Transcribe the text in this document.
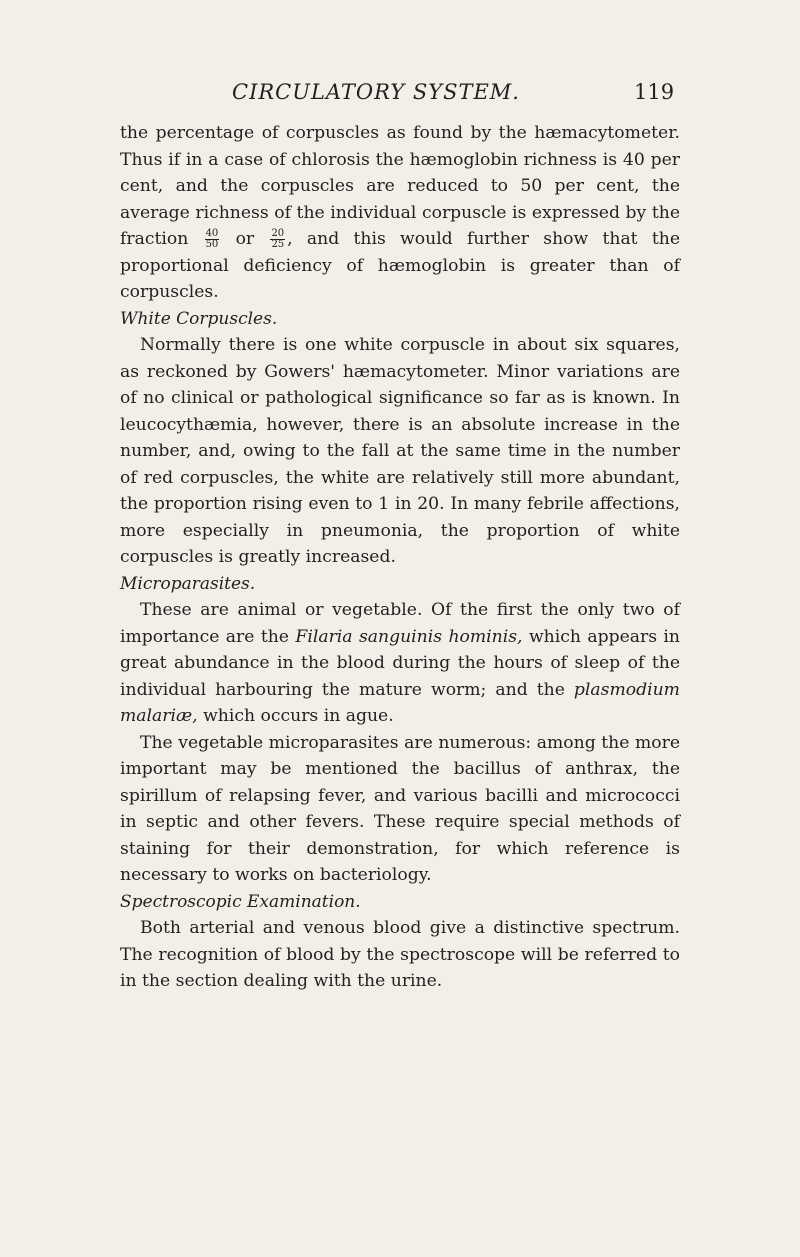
CIRCULATORY SYSTEM.	119

the percentage of corpuscles as found by the hæmacytometer. Thus if in a case of chlorosis the hæmoglobin richness is 40 per cent, and the corpuscles are reduced to 50 per cent, the average richness of the individual corpuscle is expressed by the fraction $\frac{40}{50}$ or $\frac{20}{25}$ , and this would further show that the proportional deficiency of hæmoglobin is greater than of corpuscles.

White Corpuscles.

Normally there is one white corpuscle in about six squares, as reckoned by Gowers' hæmacytometer. Minor variations are of no clinical or pathological significance so far as is known. In leucocythæmia, however, there is an absolute increase in the number, and, owing to the fall at the same time in the number of red corpuscles, the white are relatively still more abundant, the proportion rising even to 1 in 20. In many febrile affections, more especially in pneumonia, the proportion of white corpuscles is greatly increased.

Microparasites.

These are animal or vegetable. Of the first the only two of importance are the Filaria sanguinis hominis, which appears in great abundance in the blood during the hours of sleep of the individual harbouring the mature worm; and the plasmodium malariæ, which occurs in ague.

The vegetable microparasites are numerous: among the more important may be mentioned the bacillus of anthrax, the spirillum of relapsing fever, and various bacilli and micrococci in septic and other fevers. These require special methods of staining for their demonstration, for which reference is necessary to works on bacteriology.

Spectroscopic Examination.

Both arterial and venous blood give a distinctive spectrum. The recognition of blood by the spectroscope will be referred to in the section dealing with the urine.
